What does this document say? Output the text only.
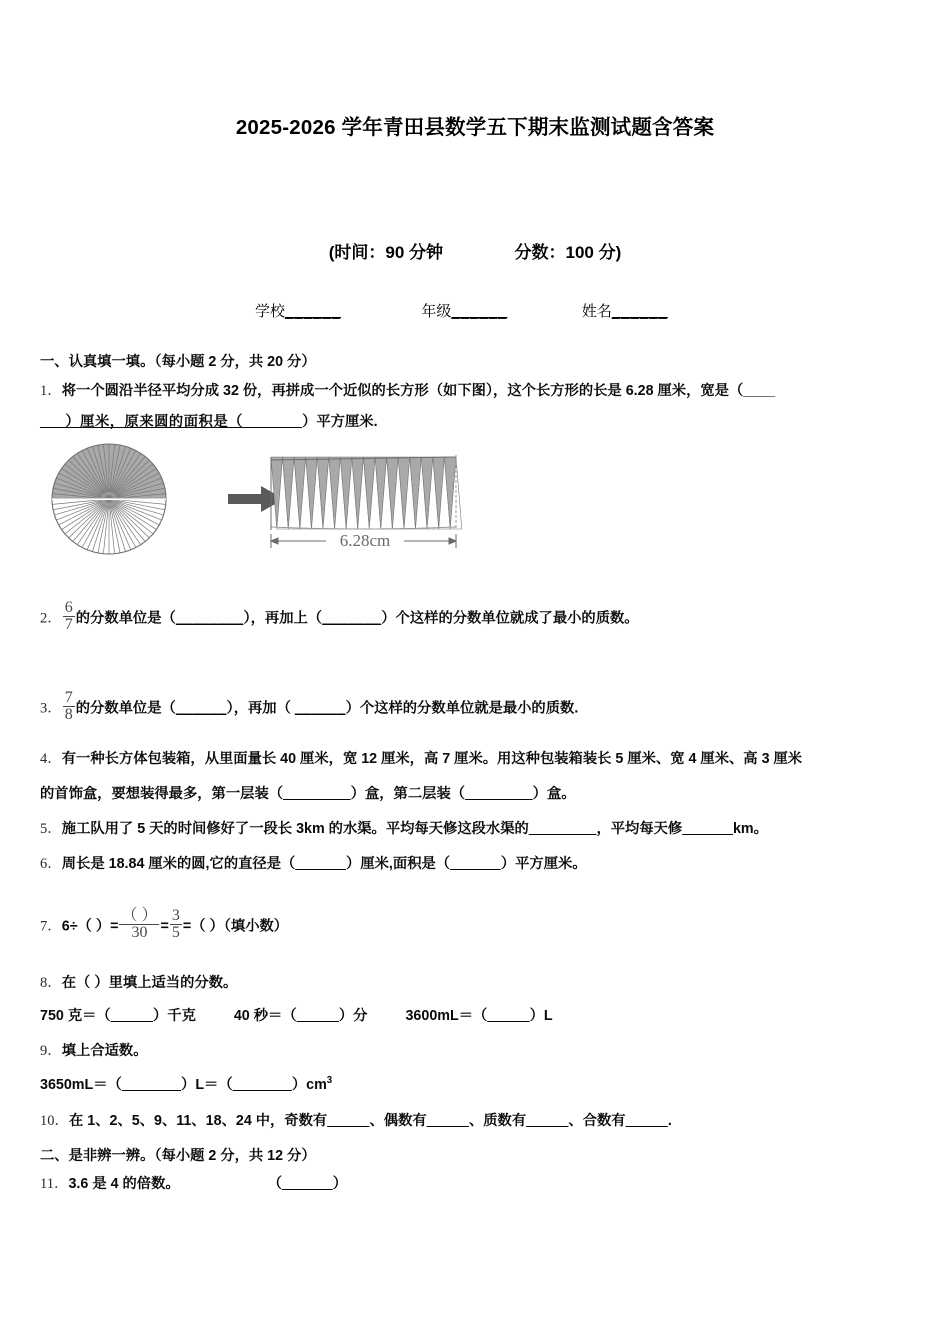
2025-2026 学年青田县数学五下期末监测试题含答案
(时间：90 分钟	分数：100 分)
学校______	年级______	姓名______
一、认真填一填。（每小题 2 分，共 20 分）
1．将一个圆沿半径平均分成 32 份，再拼成一个近似的长方形（如下图），这个长方形的长是 6.28 厘米，宽是（____
___）厘米，原来圆的面积是（_______）平方厘米.
6.28cm
2． $\frac{6}{7}$ 的分数单位是（________），再加上（_______）个这样的分数单位就成了最小的质数。
3． $\frac{7}{8}$ 的分数单位是（______），再加（ ______）个这样的分数单位就是最小的质数.
4．有一种长方体包装箱，从里面量长 40 厘米，宽 12 厘米，高 7 厘米。用这种包装箱装长 5 厘米、宽 4 厘米、高 3 厘米
的首饰盒，要想装得最多，第一层装（________）盒，第二层装（________）盒。
5．施工队用了 5 天的时间修好了一段长 3km 的水渠。平均每天修这段水渠的________，平均每天修______km。
6．周长是 18.84 厘米的圆,它的直径是（______）厘米,面积是（______）平方厘米。
7．6÷（ ）= $\frac{( )}{30} = \frac{3}{5}$ =（ ）（填小数）
8．在（ ）里填上适当的分数。
750 克＝（_____）千克	40 秒＝（_____）分	3600mL＝（_____）L
9．填上合适数。
$3650mL=(\_\_\_\_\_\_\_)L=(\_\_\_\_\_\_\_)cm^3$
10．在 1、2、5、9、11、18、24 中，奇数有_____、偶数有_____、质数有_____、合数有_____.
二、是非辨一辨。（每小题 2 分，共 12 分）
11．3.6 是 4 的倍数。	（______）
